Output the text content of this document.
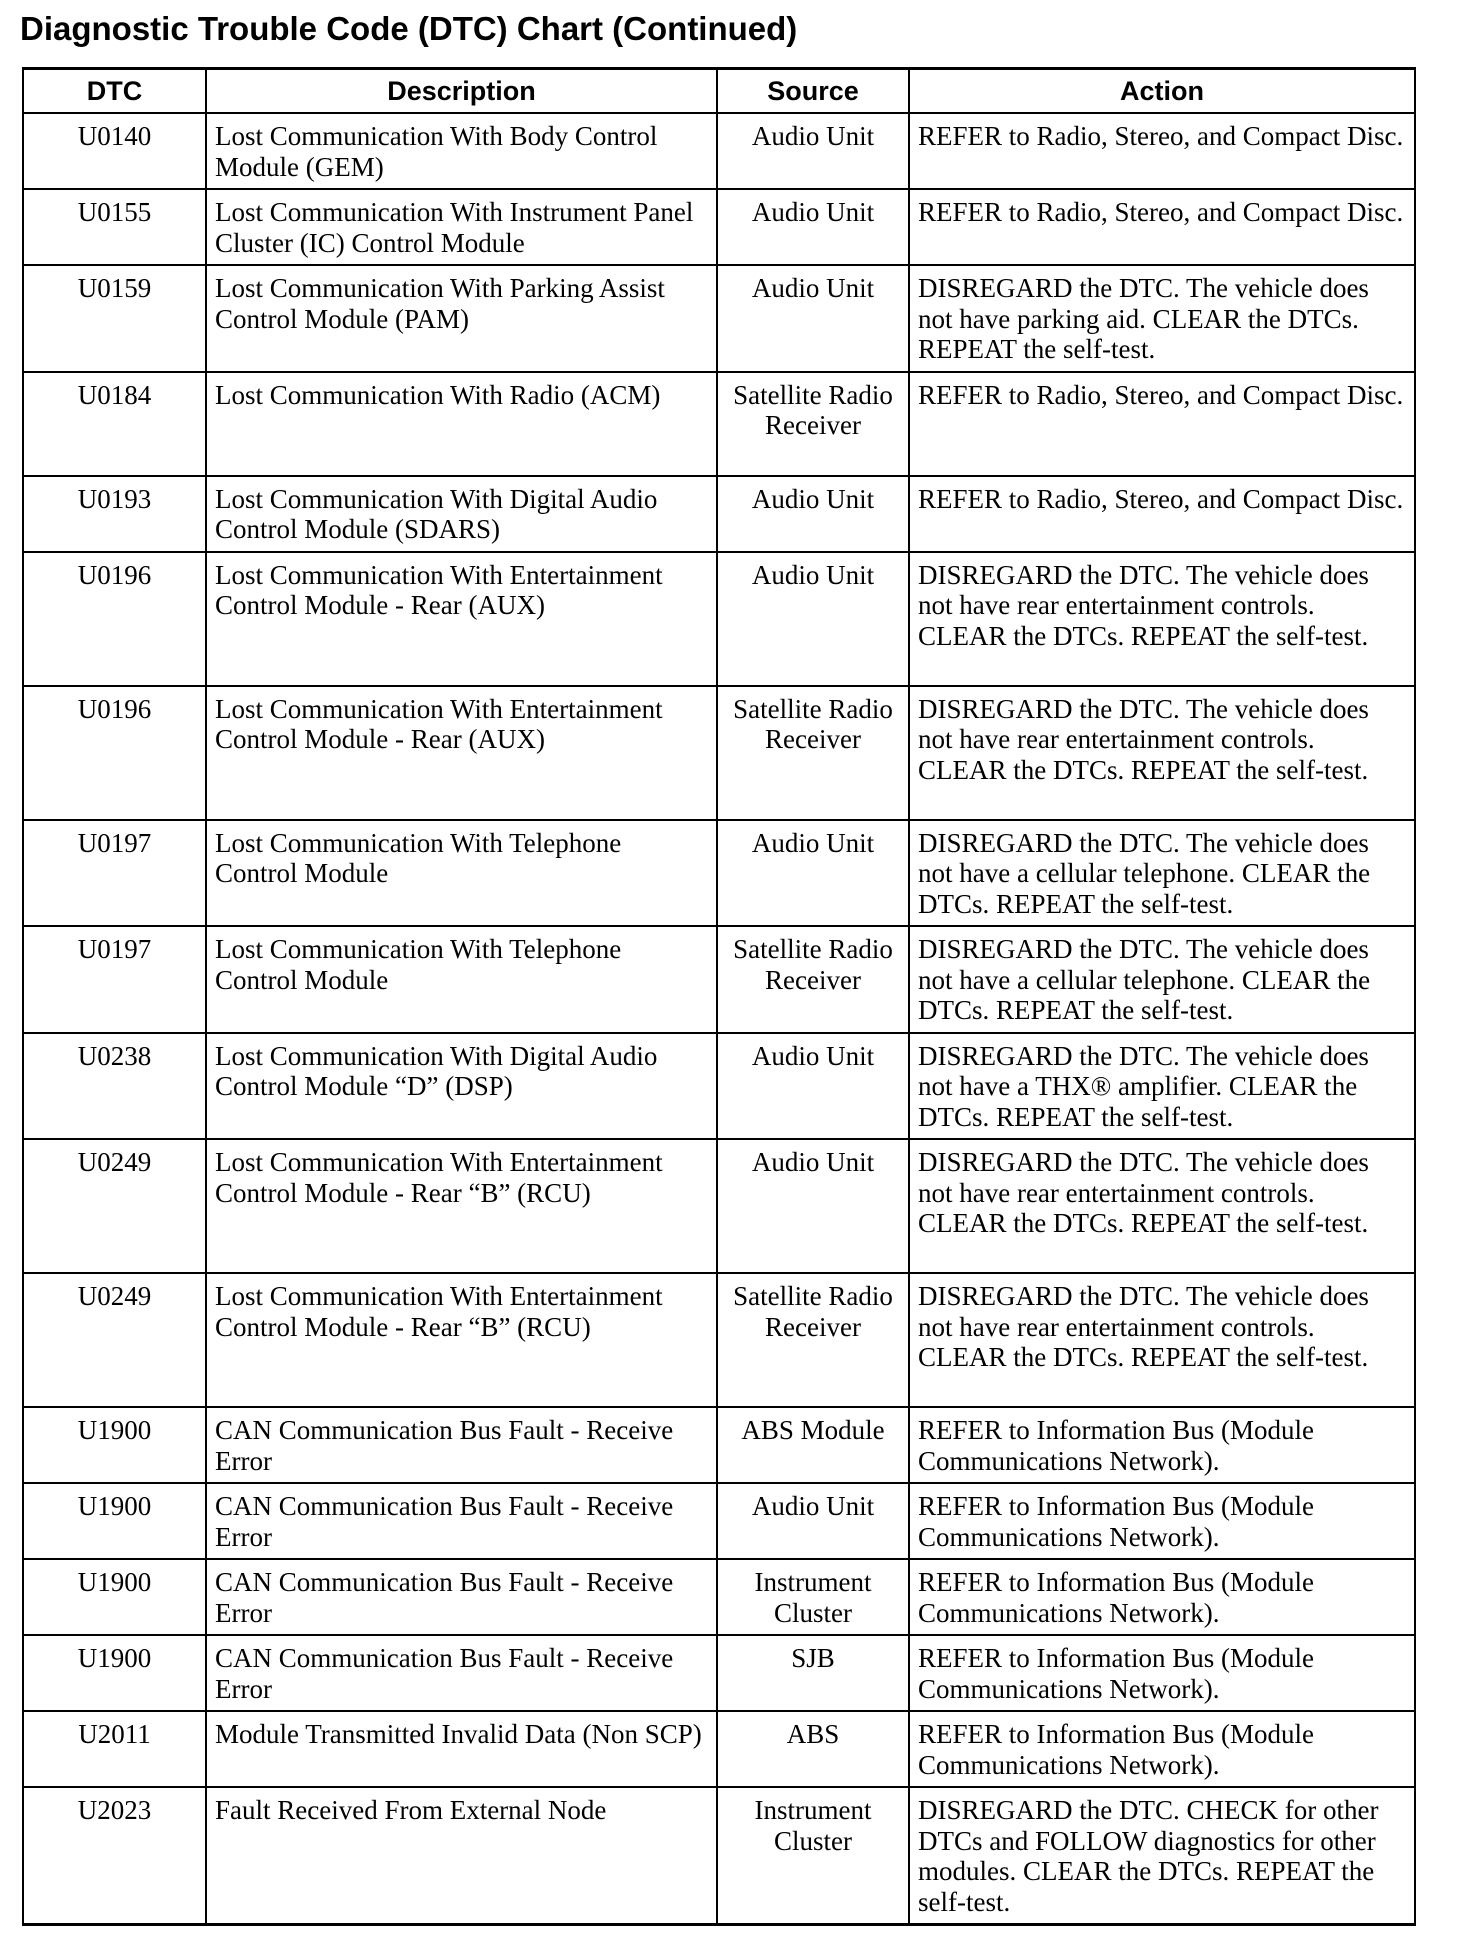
Diagnostic Trouble Code (DTC) Chart (Continued)
DTC	Description	Source	Action
U0140	Lost Communication With Body Control Module (GEM)	Audio Unit	REFER to Radio, Stereo, and Compact Disc.
U0155	Lost Communication With Instrument Panel Cluster (IC) Control Module	Audio Unit	REFER to Radio, Stereo, and Compact Disc.
U0159	Lost Communication With Parking Assist Control Module (PAM)	Audio Unit	DISREGARD the DTC. The vehicle does not have parking aid. CLEAR the DTCs. REPEAT the self-test.
U0184	Lost Communication With Radio (ACM)	Satellite Radio Receiver	REFER to Radio, Stereo, and Compact Disc.
U0193	Lost Communication With Digital Audio Control Module (SDARS)	Audio Unit	REFER to Radio, Stereo, and Compact Disc.
U0196	Lost Communication With Entertainment Control Module - Rear (AUX)	Audio Unit	DISREGARD the DTC. The vehicle does not have rear entertainment controls. CLEAR the DTCs. REPEAT the self-test.
U0196	Lost Communication With Entertainment Control Module - Rear (AUX)	Satellite Radio Receiver	DISREGARD the DTC. The vehicle does not have rear entertainment controls. CLEAR the DTCs. REPEAT the self-test.
U0197	Lost Communication With Telephone Control Module	Audio Unit	DISREGARD the DTC. The vehicle does not have a cellular telephone. CLEAR the DTCs. REPEAT the self-test.
U0197	Lost Communication With Telephone Control Module	Satellite Radio Receiver	DISREGARD the DTC. The vehicle does not have a cellular telephone. CLEAR the DTCs. REPEAT the self-test.
U0238	Lost Communication With Digital Audio Control Module “D” (DSP)	Audio Unit	DISREGARD the DTC. The vehicle does not have a THX® amplifier. CLEAR the DTCs. REPEAT the self-test.
U0249	Lost Communication With Entertainment Control Module - Rear “B” (RCU)	Audio Unit	DISREGARD the DTC. The vehicle does not have rear entertainment controls. CLEAR the DTCs. REPEAT the self-test.
U0249	Lost Communication With Entertainment Control Module - Rear “B” (RCU)	Satellite Radio Receiver	DISREGARD the DTC. The vehicle does not have rear entertainment controls. CLEAR the DTCs. REPEAT the self-test.
U1900	CAN Communication Bus Fault - Receive Error	ABS Module	REFER to Information Bus (Module Communications Network).
U1900	CAN Communication Bus Fault - Receive Error	Audio Unit	REFER to Information Bus (Module Communications Network).
U1900	CAN Communication Bus Fault - Receive Error	Instrument Cluster	REFER to Information Bus (Module Communications Network).
U1900	CAN Communication Bus Fault - Receive Error	SJB	REFER to Information Bus (Module Communications Network).
U2011	Module Transmitted Invalid Data (Non SCP)	ABS	REFER to Information Bus (Module Communications Network).
U2023	Fault Received From External Node	Instrument Cluster	DISREGARD the DTC. CHECK for other DTCs and FOLLOW diagnostics for other modules. CLEAR the DTCs. REPEAT the self-test.
